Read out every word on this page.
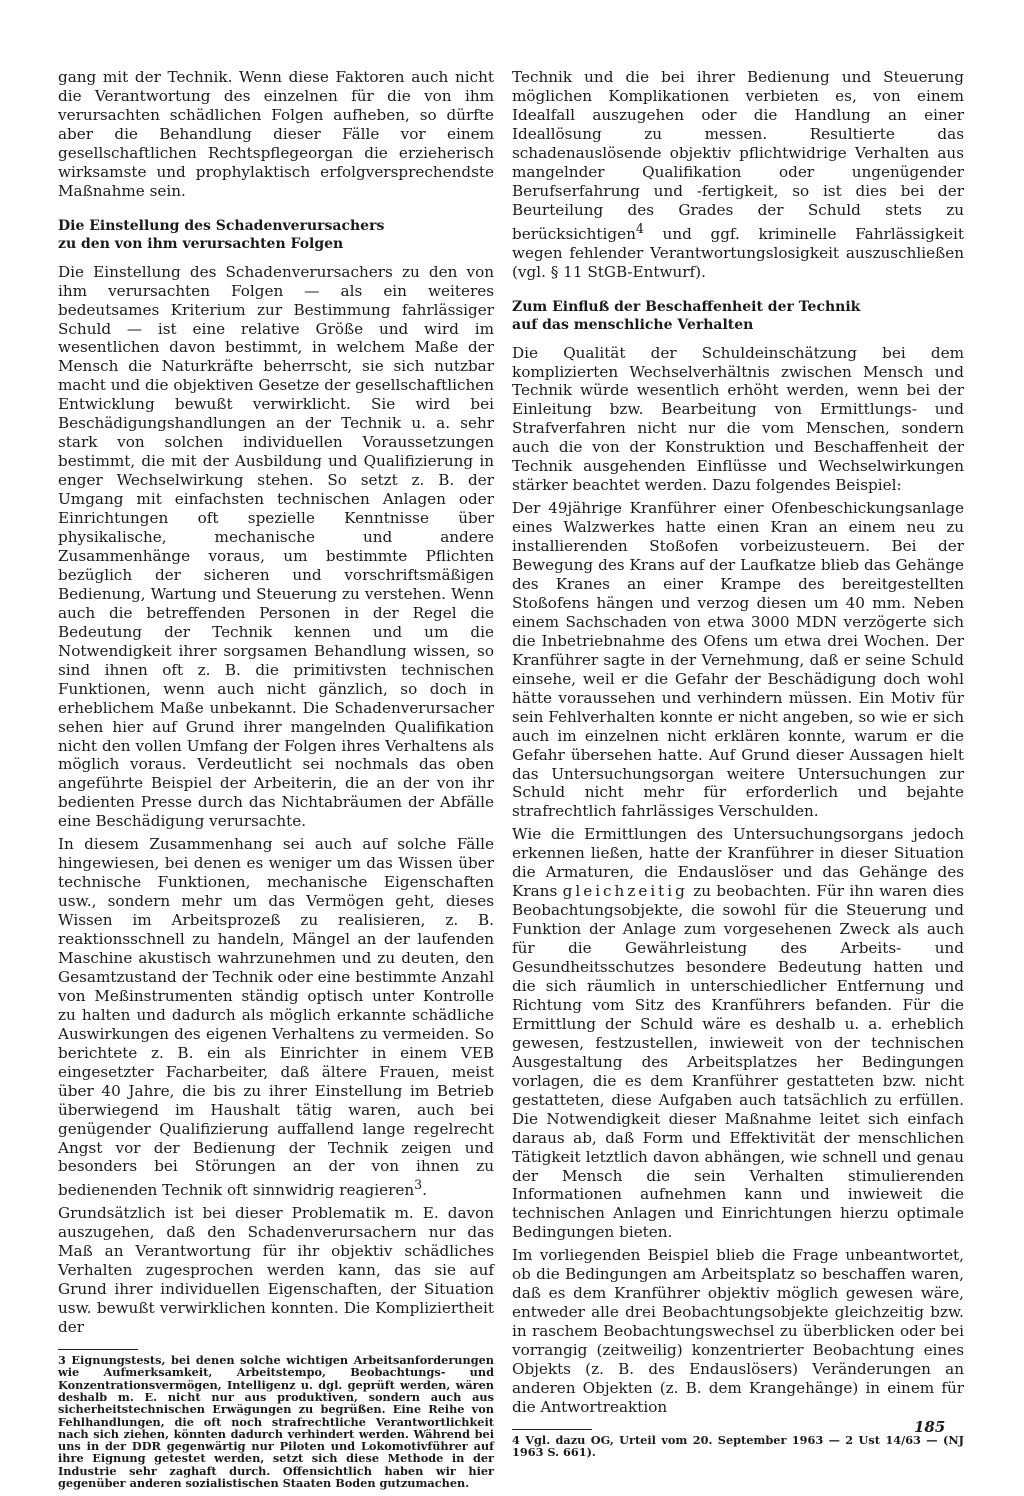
gang mit der Technik. Wenn diese Faktoren auch nicht die Verantwortung des einzelnen für die von ihm verursachten schädlichen Folgen aufheben, so dürfte aber die Behandlung dieser Fälle vor einem gesellschaftlichen Rechtspflegeorgan die erzieherisch wirksamste und prophylaktisch erfolgversprechendste Maßnahme sein.

Die Einstellung des Schadenverursachers
zu den von ihm verursachten Folgen

Die Einstellung des Schadenverursachers zu den von ihm verursachten Folgen — als ein weiteres bedeutsames Kriterium zur Bestimmung fahrlässiger Schuld — ist eine relative Größe und wird im wesentlichen davon bestimmt, in welchem Maße der Mensch die Naturkräfte beherrscht, sie sich nutzbar macht und die objektiven Gesetze der gesellschaftlichen Entwicklung bewußt verwirklicht. Sie wird bei Beschädigungshandlungen an der Technik u. a. sehr stark von solchen individuellen Voraussetzungen bestimmt, die mit der Ausbildung und Qualifizierung in enger Wechselwirkung stehen. So setzt z. B. der Umgang mit einfachsten technischen Anlagen oder Einrichtungen oft spezielle Kenntnisse über physikalische, mechanische und andere Zusammenhänge voraus, um bestimmte Pflichten bezüglich der sicheren und vorschriftsmäßigen Bedienung, Wartung und Steuerung zu verstehen. Wenn auch die betreffenden Personen in der Regel die Bedeutung der Technik kennen und um die Notwendigkeit ihrer sorgsamen Behandlung wissen, so sind ihnen oft z. B. die primitivsten technischen Funktionen, wenn auch nicht gänzlich, so doch in erheblichem Maße unbekannt. Die Schadenverursacher sehen hier auf Grund ihrer mangelnden Qualifikation nicht den vollen Umfang der Folgen ihres Verhaltens als möglich voraus. Verdeutlicht sei nochmals das oben angeführte Beispiel der Arbeiterin, die an der von ihr bedienten Presse durch das Nichtabräumen der Abfälle eine Beschädigung verursachte.

In diesem Zusammenhang sei auch auf solche Fälle hingewiesen, bei denen es weniger um das Wissen über technische Funktionen, mechanische Eigenschaften usw., sondern mehr um das Vermögen geht, dieses Wissen im Arbeitsprozeß zu realisieren, z. B. reaktionsschnell zu handeln, Mängel an der laufenden Maschine akustisch wahrzunehmen und zu deuten, den Gesamtzustand der Technik oder eine bestimmte Anzahl von Meßinstrumenten ständig optisch unter Kontrolle zu halten und dadurch als möglich erkannte schädliche Auswirkungen des eigenen Verhaltens zu vermeiden. So berichtete z. B. ein als Einrichter in einem VEB eingesetzter Facharbeiter, daß ältere Frauen, meist über 40 Jahre, die bis zu ihrer Einstellung im Betrieb überwiegend im Haushalt tätig waren, auch bei genügender Qualifizierung auffallend lange regelrecht Angst vor der Bedienung der Technik zeigen und besonders bei Störungen an der von ihnen zu bedienenden Technik oft sinnwidrig reagieren$^3$.

Grundsätzlich ist bei dieser Problematik m. E. davon auszugehen, daß den Schadenverursachern nur das Maß an Verantwortung für ihr objektiv schädliches Verhalten zugesprochen werden kann, das sie auf Grund ihrer individuellen Eigenschaften, der Situation usw. bewußt verwirklichen konnten. Die Kompliziertheit der

3 Eignungstests, bei denen solche wichtigen Arbeitsanforderungen wie Aufmerksamkeit, Arbeitstempo, Beobachtungs- und Konzentrationsvermögen, Intelligenz u. dgl. geprüft werden, wären deshalb m. E. nicht nur aus produktiven, sondern auch aus sicherheitstechnischen Erwägungen zu begrüßen. Eine Reihe von Fehlhandlungen, die oft noch strafrechtliche Verantwortlichkeit nach sich ziehen, könnten dadurch verhindert werden. Während bei uns in der DDR gegenwärtig nur Piloten und Lokomotivführer auf ihre Eignung getestet werden, setzt sich diese Methode in der Industrie sehr zaghaft durch. Offensichtlich haben wir hier gegenüber anderen sozialistischen Staaten Boden gutzumachen.

Technik und die bei ihrer Bedienung und Steuerung möglichen Komplikationen verbieten es, von einem Idealfall auszugehen oder die Handlung an einer Ideallösung zu messen. Resultierte das schadenauslösende objektiv pflichtwidrige Verhalten aus mangelnder Qualifikation oder ungenügender Berufserfahrung und -fertigkeit, so ist dies bei der Beurteilung des Grades der Schuld stets zu berücksichtigen$^4$ und ggf. kriminelle Fahrlässigkeit wegen fehlender Verantwortungslosigkeit auszuschließen (vgl. § 11 StGB-Entwurf).

Zum Einfluß der Beschaffenheit der Technik
auf das menschliche Verhalten

Die Qualität der Schuldeinschätzung bei dem komplizierten Wechselverhältnis zwischen Mensch und Technik würde wesentlich erhöht werden, wenn bei der Einleitung bzw. Bearbeitung von Ermittlungs- und Strafverfahren nicht nur die vom Menschen, sondern auch die von der Konstruktion und Beschaffenheit der Technik ausgehenden Einflüsse und Wechselwirkungen stärker beachtet werden. Dazu folgendes Beispiel:

Der 49jährige Kranführer einer Ofenbeschickungsanlage eines Walzwerkes hatte einen Kran an einem neu zu installierenden Stoßofen vorbeizusteuern. Bei der Bewegung des Krans auf der Laufkatze blieb das Gehänge des Kranes an einer Krampe des bereitgestellten Stoßofens hängen und verzog diesen um 40 mm. Neben einem Sachschaden von etwa 3000 MDN verzögerte sich die Inbetriebnahme des Ofens um etwa drei Wochen. Der Kranführer sagte in der Vernehmung, daß er seine Schuld einsehe, weil er die Gefahr der Beschädigung doch wohl hätte voraussehen und verhindern müssen. Ein Motiv für sein Fehlverhalten konnte er nicht angeben, so wie er sich auch im einzelnen nicht erklären konnte, warum er die Gefahr übersehen hatte. Auf Grund dieser Aussagen hielt das Untersuchungsorgan weitere Untersuchungen zur Schuld nicht mehr für erforderlich und bejahte strafrechtlich fahrlässiges Verschulden.

Wie die Ermittlungen des Untersuchungsorgans jedoch erkennen ließen, hatte der Kranführer in dieser Situation die Armaturen, die Endauslöser und das Gehänge des Krans gleichzeitig zu beobachten. Für ihn waren dies Beobachtungsobjekte, die sowohl für die Steuerung und Funktion der Anlage zum vorgesehenen Zweck als auch für die Gewährleistung des Arbeits- und Gesundheitsschutzes besondere Bedeutung hatten und die sich räumlich in unterschiedlicher Entfernung und Richtung vom Sitz des Kranführers befanden. Für die Ermittlung der Schuld wäre es deshalb u. a. erheblich gewesen, festzustellen, inwieweit von der technischen Ausgestaltung des Arbeitsplatzes her Bedingungen vorlagen, die es dem Kranführer gestatteten bzw. nicht gestatteten, diese Aufgaben auch tatsächlich zu erfüllen. Die Notwendigkeit dieser Maßnahme leitet sich einfach daraus ab, daß Form und Effektivität der menschlichen Tätigkeit letztlich davon abhängen, wie schnell und genau der Mensch die sein Verhalten stimulierenden Informationen aufnehmen kann und inwieweit die technischen Anlagen und Einrichtungen hierzu optimale Bedingungen bieten.

Im vorliegenden Beispiel blieb die Frage unbeantwortet, ob die Bedingungen am Arbeitsplatz so beschaffen waren, daß es dem Kranführer objektiv möglich gewesen wäre, entweder alle drei Beobachtungsobjekte gleichzeitig bzw. in raschem Beobachtungswechsel zu überblicken oder bei vorrangig (zeitweilig) konzentrierter Beobachtung eines Objekts (z. B. des Endauslösers) Veränderungen an anderen Objekten (z. B. dem Krangehänge) in einem für die Antwortreaktion

4 Vgl. dazu OG, Urteil vom 20. September 1963 — 2 Ust 14/63 — (NJ 1963 S. 661).

185
